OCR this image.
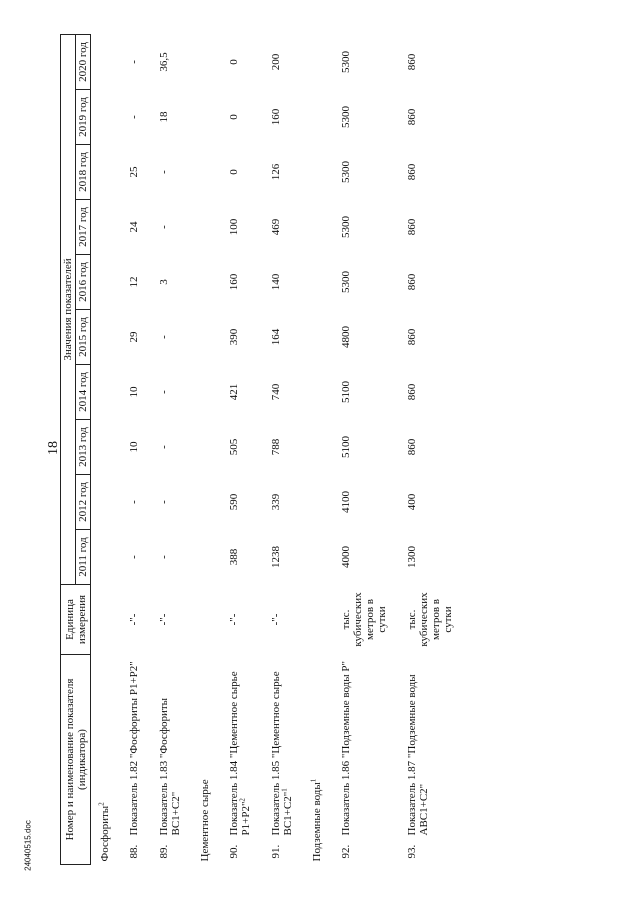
18
Номер и наименование показателя (индикатора)		Единица измерения	Значения показателей									
			2011 год	2012 год	2013 год	2014 год	2015 год	2016 год	2017 год	2018 год	2019 год	2020 год
Фосфориты$^2$
88.	Показатель 1.82 "Фосфориты P1+P2"	-"-	-	-	10	10	29	12	24	25	-	-
89.	Показатель 1.83 "Фосфориты ВС1+С2"	-"-	-	-	-	-	-	3	-	-	18	36,5
Цементное сырье												
90.	Показатель 1.84 "Цементное сырье P1+P2"$^2$	-"-	388	590	505	421	390	160	100	0	0	0
91.	Показатель 1.85 "Цементное сырье ВС1+С2"$^1$	-"-	1238	339	788	740	164	140	469	126	160	200
Подземные воды$^1$
92.	Показатель 1.86 "Подземные воды P"	тыс. кубических метров в сутки	4000	4100	5100	5100	4800	5300	5300	5300	5300	5300
93.	Показатель 1.87 "Подземные воды АВС1+С2"	тыс. кубических метров в сутки	1300	400	860	860	860	860	860	860	860	860
24040515.doc
